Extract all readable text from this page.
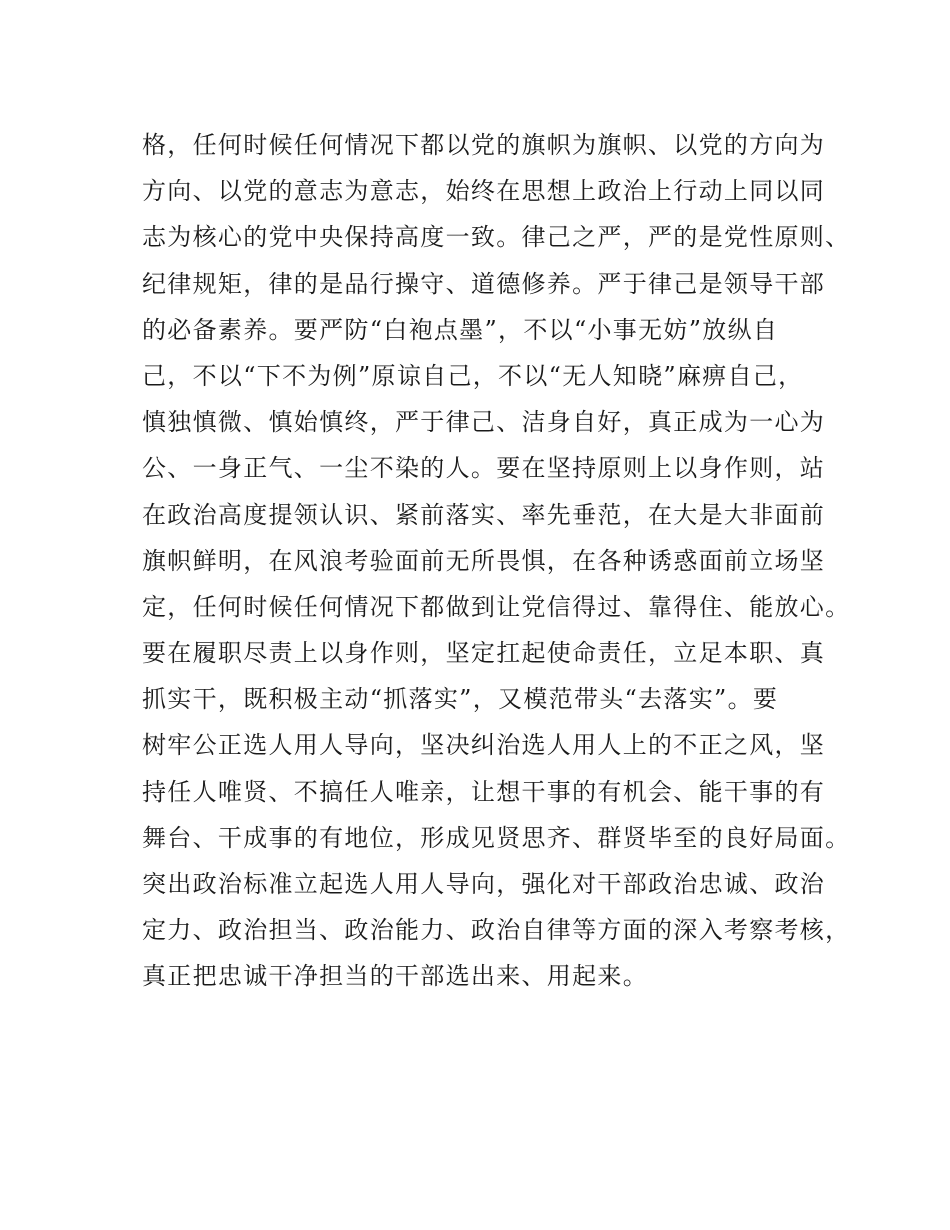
格，任何时候任何情况下都以党的旗帜为旗帜、以党的方向为
方向、以党的意志为意志，始终在思想上政治上行动上同以同
志为核心的党中央保持高度一致。律己之严，严的是党性原则、
纪律规矩，律的是品行操守、道德修养。严于律己是领导干部
的必备素养。要严防“白袍点墨”，不以“小事无妨”放纵自
己，不以“下不为例”原谅自己，不以“无人知晓”麻痹自己，
慎独慎微、慎始慎终，严于律己、洁身自好，真正成为一心为
公、一身正气、一尘不染的人。要在坚持原则上以身作则，站
在政治高度提领认识、紧前落实、率先垂范，在大是大非面前
旗帜鲜明，在风浪考验面前无所畏惧，在各种诱惑面前立场坚
定，任何时候任何情况下都做到让党信得过、靠得住、能放心。
要在履职尽责上以身作则，坚定扛起使命责任，立足本职、真
抓实干，既积极主动“抓落实”，又模范带头“去落实”。要
树牢公正选人用人导向，坚决纠治选人用人上的不正之风，坚
持任人唯贤、不搞任人唯亲，让想干事的有机会、能干事的有
舞台、干成事的有地位，形成见贤思齐、群贤毕至的良好局面。
突出政治标准立起选人用人导向，强化对干部政治忠诚、政治
定力、政治担当、政治能力、政治自律等方面的深入考察考核，
真正把忠诚干净担当的干部选出来、用起来。
